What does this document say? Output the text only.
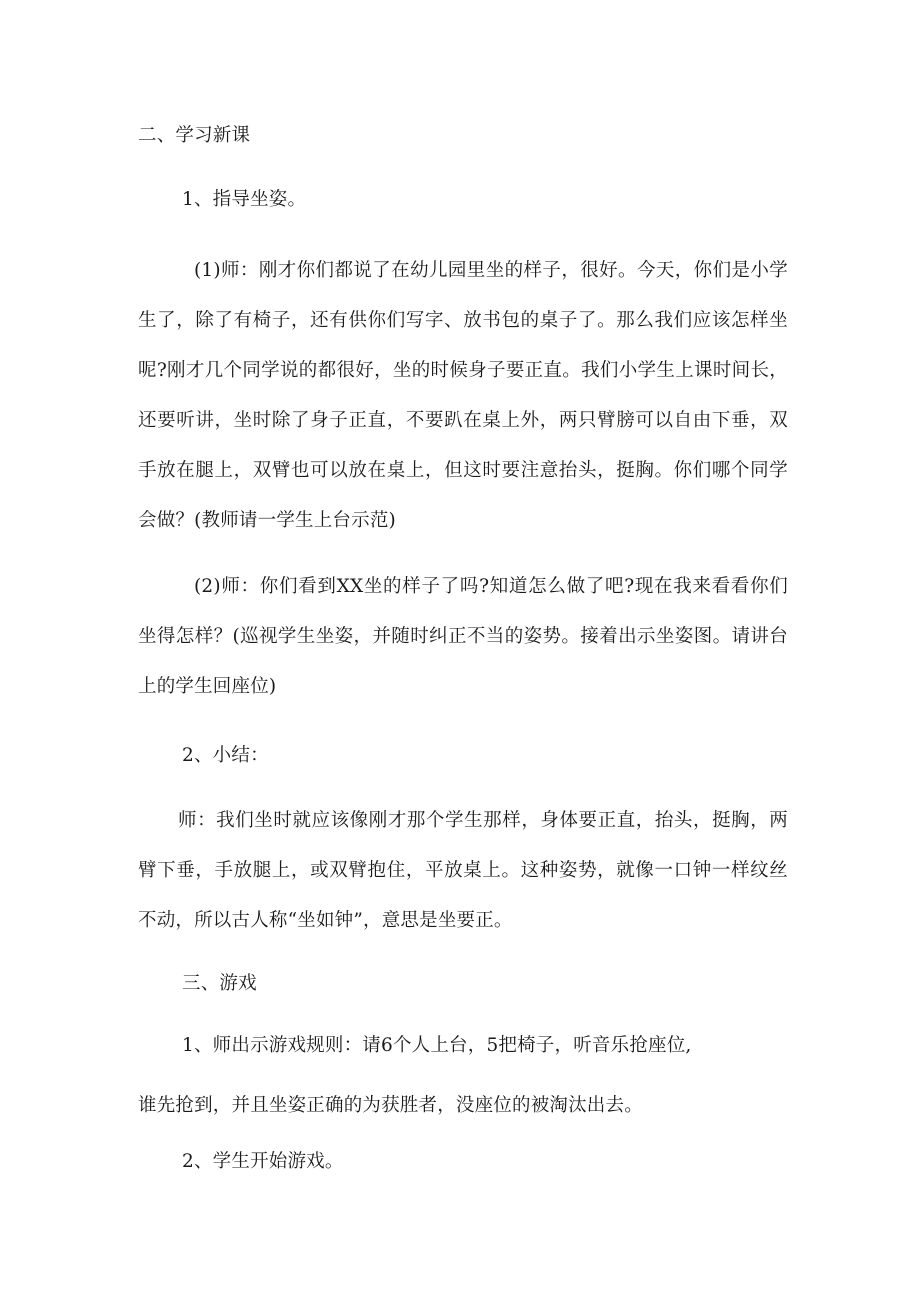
二、学习新课
1、指导坐姿。
(1)师：刚才你们都说了在幼儿园里坐的样子，很好。今天，你们是小学生了，除了有椅子，还有供你们写字、放书包的桌子了。那么我们应该怎样坐呢?刚才几个同学说的都很好，坐的时候身子要正直。我们小学生上课时间长，还要听讲，坐时除了身子正直，不要趴在桌上外，两只臂膀可以自由下垂，双手放在腿上，双臂也可以放在桌上，但这时要注意抬头，挺胸。你们哪个同学会做？(教师请一学生上台示范)
(2)师：你们看到XX坐的样子了吗?知道怎么做了吧?现在我来看看你们坐得怎样？(巡视学生坐姿，并随时纠正不当的姿势。接着出示坐姿图。请讲台上的学生回座位)
2、小结：
师：我们坐时就应该像刚才那个学生那样，身体要正直，抬头，挺胸，两臂下垂，手放腿上，或双臂抱住，平放桌上。这种姿势，就像一口钟一样纹丝不动，所以古人称“坐如钟”，意思是坐要正。
三、游戏
1、师出示游戏规则：请6个人上台，5把椅子，听音乐抢座位,
谁先抢到，并且坐姿正确的为获胜者，没座位的被淘汰出去。
2、学生开始游戏。
